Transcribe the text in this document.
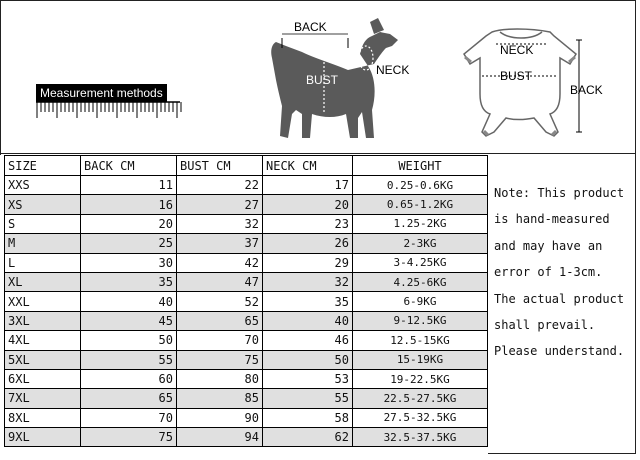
Measurement methods
BACK
BUST
NECK
NECK
BUST
BACK
SIZE	BACK CM	BUST CM	NECK CM	WEIGHT
XXS	11	22	17	0.25-0.6KG
XS	16	27	20	0.65-1.2KG
S	20	32	23	1.25-2KG
M	25	37	26	2-3KG
L	30	42	29	3-4.25KG
XL	35	47	32	4.25-6KG
XXL	40	52	35	6-9KG
3XL	45	65	40	9-12.5KG
4XL	50	70	46	12.5-15KG
5XL	55	75	50	15-19KG
6XL	60	80	53	19-22.5KG
7XL	65	85	55	22.5-27.5KG
8XL	70	90	58	27.5-32.5KG
9XL	75	94	62	32.5-37.5KG
Note: This product
is hand-measured
and may have an
error of 1-3cm.
The actual product
shall prevail.
Please understand.
